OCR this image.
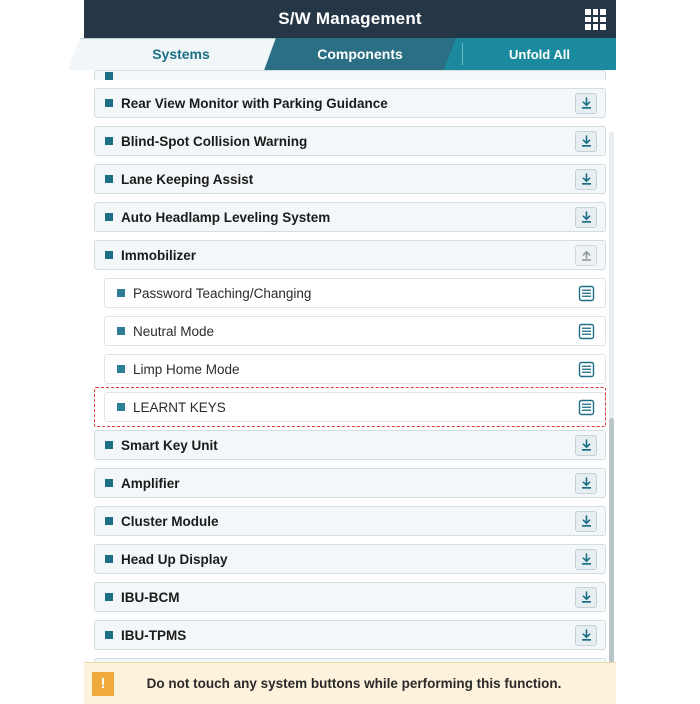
S/W Management
Systems	Components	Unfold All
Rear View Monitor with Parking Guidance
Blind-Spot Collision Warning
Lane Keeping Assist
Auto Headlamp Leveling System
Immobilizer
Password Teaching/Changing
Neutral Mode
Limp Home Mode
LEARNT KEYS
Smart Key Unit
Amplifier
Cluster Module
Head Up Display
IBU-BCM
IBU-TPMS
!	Do not touch any system buttons while performing this function.
